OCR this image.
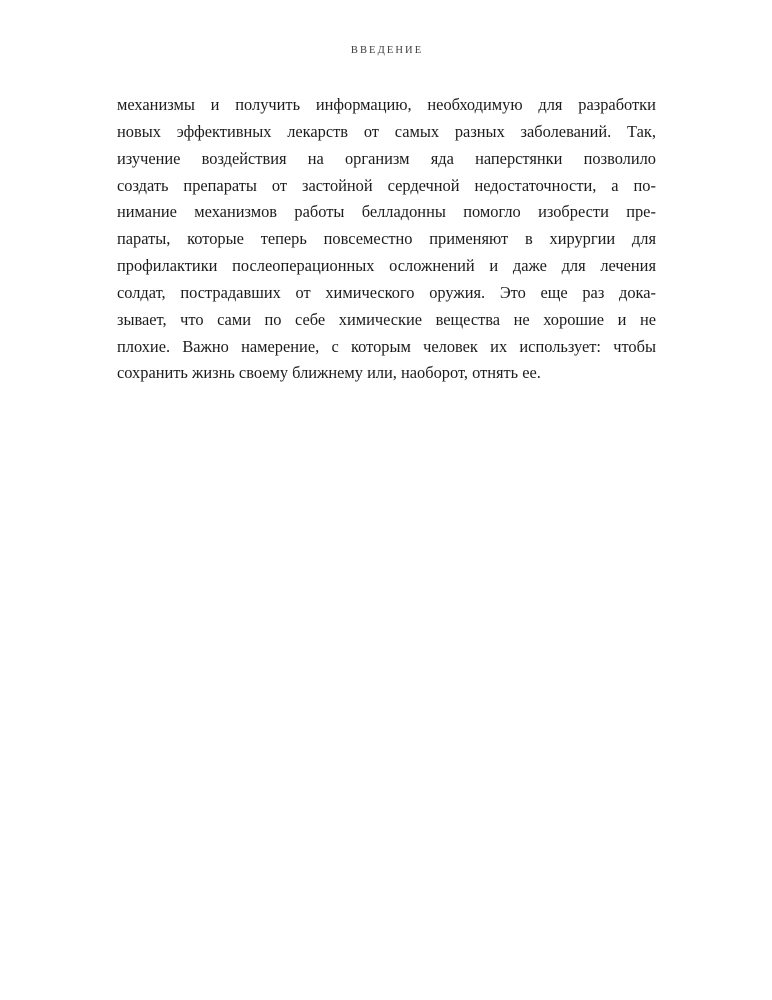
ВВЕДЕНИЕ
механизмы и получить информацию, необходимую для разработки
новых эффективных лекарств от самых разных заболеваний. Так,
изучение воздействия на организм яда наперстянки позволило
создать препараты от застойной сердечной недостаточности, а по-
нимание механизмов работы белладонны помогло изобрести пре-
параты, которые теперь повсеместно применяют в хирургии для
профилактики послеоперационных осложнений и даже для лечения
солдат, пострадавших от химического оружия. Это еще раз дока-
зывает, что сами по себе химические вещества не хорошие и не
плохие. Важно намерение, с которым человек их использует: чтобы
сохранить жизнь своему ближнему или, наоборот, отнять ее.
